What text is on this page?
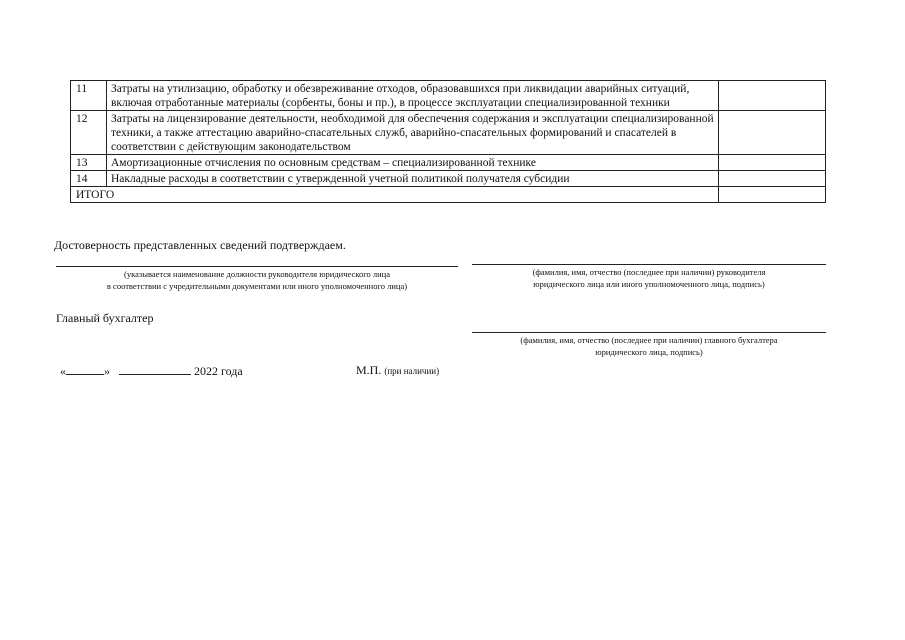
11	Затраты на утилизацию, обработку и обезвреживание отходов, образовавшихся при ликвидации аварийных ситуаций, включая отработанные материалы (сорбенты, боны и пр.), в процессе эксплуатации специализированной техники	
12	Затраты на лицензирование деятельности, необходимой для обеспечения содержания и эксплуатации специализированной техники, а также аттестацию аварийно-спасательных служб, аварийно-спасательных формирований и спасателей в соответствии с действующим законодательством	
13	Амортизационные отчисления по основным средствам – специализированной технике	
14	Накладные расходы в соответствии с утвержденной учетной политикой получателя субсидии	
ИТОГО		
Достоверность представленных сведений подтверждаем.
(указывается наименование должности руководителя юридического лица
в соответствии с учредительными документами или иного уполномоченного лица)
(фамилия, имя, отчество (последнее при наличии) руководителя
юридического лица или иного уполномоченного лица, подпись)
Главный бухгалтер
(фамилия, имя, отчество (последнее при наличии) главного бухгалтера
юридического лица, подпись)
«	»	2022 года	М.П. (при наличии)
